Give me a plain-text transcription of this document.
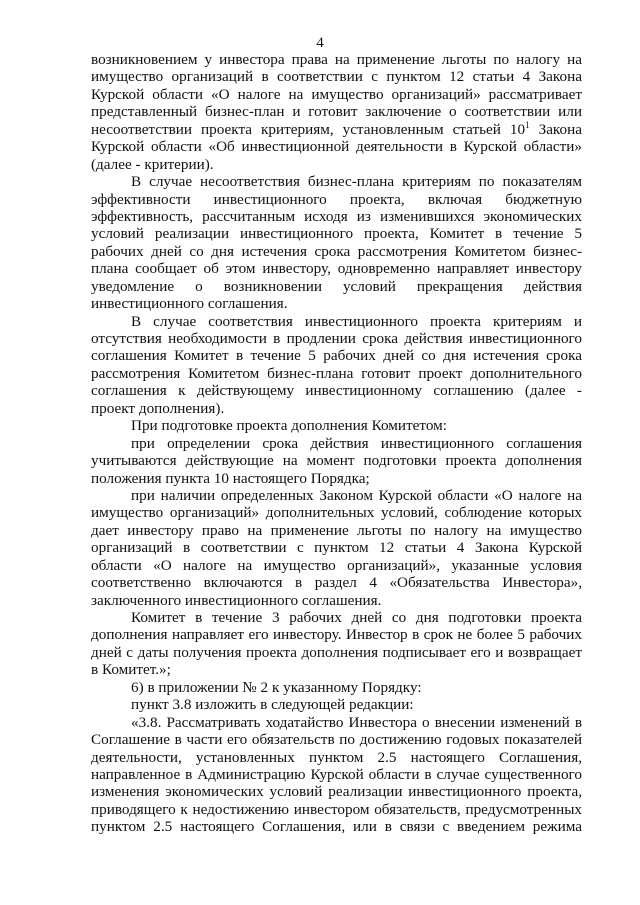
4
возникновением у инвестора права на применение льготы по налогу на
имущество организаций в соответствии с пунктом 12 статьи 4 Закона
Курской области «О налоге на имущество организаций» рассматривает
представленный бизнес-план и готовит заключение о соответствии или
несоответствии проекта критериям, установленным статьей $10^1$ Закона
Курской области «Об инвестиционной деятельности в Курской области»
(далее - критерии).
В случае несоответствия бизнес-плана критериям по показателям
эффективности инвестиционного проекта, включая бюджетную
эффективность, рассчитанным исходя из изменившихся экономических
условий реализации инвестиционного проекта, Комитет в течение 5
рабочих дней со дня истечения срока рассмотрения Комитетом бизнес-
плана сообщает об этом инвестору, одновременно направляет инвестору
уведомление о возникновении условий прекращения действия
инвестиционного соглашения.
В случае соответствия инвестиционного проекта критериям и
отсутствия необходимости в продлении срока действия инвестиционного
соглашения Комитет в течение 5 рабочих дней со дня истечения срока
рассмотрения Комитетом бизнес-плана готовит проект дополнительного
соглашения к действующему инвестиционному соглашению (далее -
проект дополнения).
При подготовке проекта дополнения Комитетом:
при определении срока действия инвестиционного соглашения
учитываются действующие на момент подготовки проекта дополнения
положения пункта 10 настоящего Порядка;
при наличии определенных Законом Курской области «О налоге на
имущество организаций» дополнительных условий, соблюдение которых
дает инвестору право на применение льготы по налогу на имущество
организаций в соответствии с пунктом 12 статьи 4 Закона Курской
области «О налоге на имущество организаций», указанные условия
соответственно включаются в раздел 4 «Обязательства Инвестора»,
заключенного инвестиционного соглашения.
Комитет в течение 3 рабочих дней со дня подготовки проекта
дополнения направляет его инвестору. Инвестор в срок не более 5 рабочих
дней с даты получения проекта дополнения подписывает его и возвращает
в Комитет.»;
6) в приложении № 2 к указанному Порядку:
пункт 3.8 изложить в следующей редакции:
«3.8. Рассматривать ходатайство Инвестора о внесении изменений в
Соглашение в части его обязательств по достижению годовых показателей
деятельности, установленных пунктом 2.5 настоящего Соглашения,
направленное в Администрацию Курской области в случае существенного
изменения экономических условий реализации инвестиционного проекта,
приводящего к недостижению инвестором обязательств, предусмотренных
пунктом 2.5 настоящего Соглашения, или в связи с введением режима
